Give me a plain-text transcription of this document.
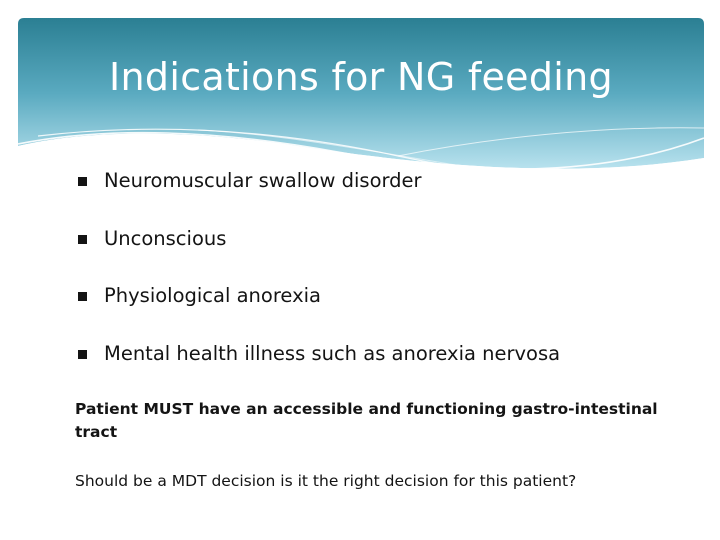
Indications for NG feeding
Neuromuscular swallow disorder
Unconscious
Physiological anorexia
Mental health illness such as anorexia nervosa

Patient MUST have an accessible and functioning gastro-intestinal tract

Should be a MDT decision is it the right decision for this patient?
